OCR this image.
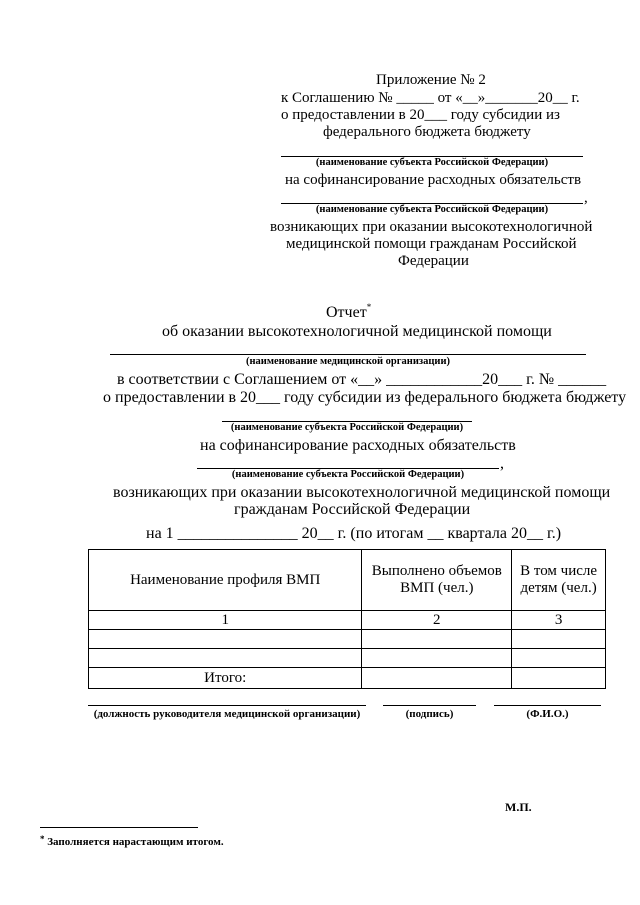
Приложение № 2
к Соглашению № _____ от «__»_______20__ г.
о предоставлении в 20___ году субсидии из
федерального бюджета бюджету
(наименование субъекта Российской Федерации)
на софинансирование расходных обязательств
,
(наименование субъекта Российской Федерации)
возникающих при оказании высокотехнологичной
медицинской помощи гражданам Российской
Федерации
Отчет*
об оказании высокотехнологичной медицинской помощи
(наименование медицинской организации)
в соответствии с Соглашением от «__» ____________20___ г. № ______
о предоставлении в 20___ году субсидии из федерального бюджета бюджету
(наименование субъекта Российской Федерации)
на софинансирование расходных обязательств
,
(наименование субъекта Российской Федерации)
возникающих при оказании высокотехнологичной медицинской помощи
гражданам Российской Федерации
на 1 _______________ 20__ г. (по итогам __ квартала 20__ г.)
Наименование профиля ВМП	Выполнено объемов ВМП (чел.)	В том числе детям (чел.)
1	2	3

Итого:		
(должность руководителя медицинской организации)	(подпись)	(Ф.И.О.)
М.П.
* Заполняется нарастающим итогом.
